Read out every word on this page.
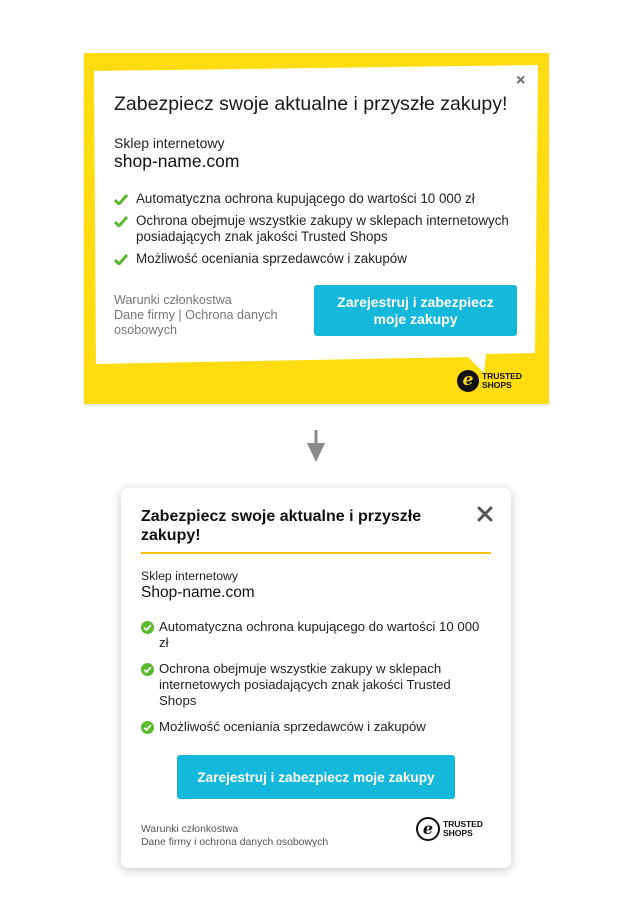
×
Zabezpiecz swoje aktualne i przyszłe zakupy!
Sklep internetowy
shop-name.com
Automatyczna ochrona kupującego do wartości 10 000 zł
Ochrona obejmuje wszystkie zakupy w sklepach internetowych posiadających znak jakości Trusted Shops
Możliwość oceniania sprzedawców i zakupów
Warunki członkostwa
Dane firmy | Ochrona danych osobowych
Zarejestruj i zabezpiecz moje zakupy
e TRUSTED
SHOPS
Zabezpiecz swoje aktualne i przyszłe zakupy!
Sklep internetowy
Shop-name.com
Automatyczna ochrona kupującego do wartości 10 000 zł
Ochrona obejmuje wszystkie zakupy w sklepach internetowych posiadających znak jakości Trusted Shops
Możliwość oceniania sprzedawców i zakupów
Zarejestruj i zabezpiecz moje zakupy
Warunki członkostwa
Dane firmy i ochrona danych osobowych
e	TRUSTED
SHOPS
